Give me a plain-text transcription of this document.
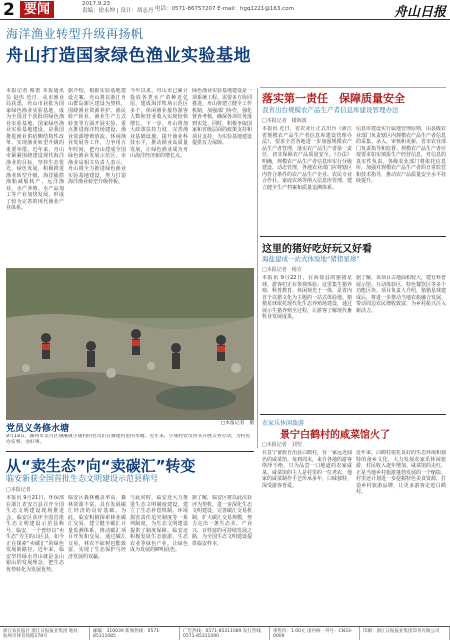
2 要闻	2017.9.23
责编：徐永坤 | 设计：胡志丹 电话：0571-86757207 E-mail：hgq1221@163.com	舟山日报
海洋渔业转型升级再扬帆
舟山打造国家绿色渔业实验基地
本报记者 蔡蕾 本报通讯员 赵伟 近日，从市渔业局获悉，舟山市获批为国家绿色渔业实验基地，成为全国首个获批的绿色渔业实验基地。国家绿色渔业实验基地建设，是我国推进渔业供给侧结构性改革、实现渔业转型升级的重要举措。近年来，舟山市紧紧围绕建设现代海洋渔业的目标，坚持生态优先、绿色发展，积极推进渔业转型升级，海洋捕捞渔船减船转产、远洋渔业、水产养殖、水产品加工等产业加快发展，形成了较为完善的现代渔业产业体系。
据介绍，根据实验基地建设方案，舟山将以浙江舟山群岛新区建设为契机，围绕渔业资源养护、渔民转产转业、渔业生产方式转变等方面开展实验，重点推进海洋牧场建设、渔业资源增殖放流、休闲渔业发展等工作，力争用五年时间，把舟山建成全国绿色渔业发展示范区。市渔业局相关负责人表示，舟山将全力推进绿色渔业实验基地建设，努力打造海洋渔业转型升级样板。
今年以来，舟山市已累计投放各类水产苗种近亿尾，建成海洋牧场示范区多个，休闲渔业接待游客人数和营业收入实现较快增长。下一步，舟山将加大政策扶持力度，完善渔业基础设施，提升渔业科技水平，推动渔业高质量发展，让绿色渔业成为舟山海洋经济新的增长点。
绿色渔业实验基地建设是一项系统工程，需要多方协同推进。舟山将建立健全工作机制，加强部门协作，强化督查考核，确保各项任务落到实处。同时，积极争取国家和省级层面的政策支持和项目支持，为实验基地建设提供有力保障。
落实第一责任　保障质量安全
我省出台规模农产品生产者信息库建设管理办法
□本报记者　楼海波
本报讯 近日，省农业厅正式出台《浙江省规模农产品生产者信息库建设管理办法》，要求全省各地进一步加强规模农产品生产者管理，落实农产品生产者第一责任，切实保障农产品质量安全。《办法》明确，规模农产品生产者信息库实行分级建设、动态管理，各地农业部门应将辖区内符合条件的农产品生产企业、农民专业合作社、家庭农场等纳入信息库管理，建立健全生产档案和质量追溯体系。
信息库建设实行属地管理原则，由县级农业部门负责辖区内规模农产品生产者信息的采集、录入、审核和更新，省市农业部门负责指导和监督。规模农产品生产者应按要求如实填报生产经营信息，对信息的真实性负责。各级农业部门将依托信息库，加强对规模农产品生产者的日常监管和技术指导，推动农产品质量安全水平持续提升。
这里的猪好吃好玩又好看
海盐建成一站式体验地“猪猪星球”
□本报记者　杨宣
本报讯 9月22日，在海盐县的猪猪星球，游客们正在参观体验。这里集生猪养殖、科普教育、休闲观光于一体，是省内首个以猪文化为主题的一站式体验地。猪猪星球依托现代化生态养殖场建设，通过展示生猪养殖全过程，让游客了解现代畜牧业发展成果。
据了解，该项目占地面积较大，建有科普展示馆、互动体验区、特色餐饮区等多个功能区块。项目负责人介绍，猪猪星球建成后，将进一步推动当地农旅融合发展，带动周边农民增收致富，为乡村振兴注入新活力。
农家乐休闲旅游
景宁白鹤村的咸菜馆火了
□本报记者　刘翌
在景宁畲族自治县白鹤村，有一家远近闻名的咸菜馆。每到周末，来自各地的游客络绎不绝，只为品尝一口地道的农家咸菜。咸菜馆的主人是村里的一位老农，他家的咸菜制作手艺传承多年，口味独特，深受游客喜爱。
近年来，白鹤村依托良好的生态环境和独特的畲乡文化，大力发展农家乐休闲旅游，村民收入逐年增加。咸菜馆的走红，正是当地乡村旅游蓬勃发展的一个缩影。村里还计划进一步挖掘特色美食资源，打造乡村旅游品牌，让更多游客走进白鹤村。
党员义务修水塘
9月19日，湖州市吴兴区埭溪镇小康村的党员们在修建村里的水塘。近年来，小康村党员带头开展义务劳动，为村民办实事、办好事。
□本报记者　摄
从“卖生态”向“卖碳汇”转变
临安新获全国首批生态文明建设示范县称号
□本报记者
本报讯 9月21日，环保部在浙江省安吉县召开全国生态文明建设现场推进会，临安区获评全国首批生态文明建设示范县称号。临安，一个曾经以“卖生态”为主的山区县，如今正在探索“卖碳汇”的绿色发展新路径。近年来，临安坚持绿水青山就是金山银山的发展理念，把生态优势转化为发展优势。
临安区森林覆盖率高，森林资源丰富，具有发展碳汇经济的良好基础。为此，临安积极探索林业碳汇交易，建立健全碳汇计量监测体系，推动碳汇项目开发和交易。通过碳汇交易，林农不砍树也能致富，实现了生态保护与经济发展的双赢。
与此同时，临安还大力推进生态文明制度建设，建立了生态补偿机制、环境损害责任追究制度等一系列制度，为生态文明建设提供了制度保障。临安还积极发展生态旅游、生态农业等绿色产业，让绿色成为发展的鲜明底色。
据了解，临安区将以此次获评为契机，进一步深化生态文明建设，完善碳汇交易机制，扩大碳汇交易规模，努力走出一条生态美、产业兴、百姓富的可持续发展之路，为全国生态文明建设提供临安样本。
浙江农民报社 浙江日报报业集团 地址：杭州市体育场路178号
邮编：310039 新闻热线：0571-85311085
广告热线：0571-85311089 发行热线：0571-85311090
零售价：1.00元 国内统一刊号：CN33-0009
印刷：浙江日报报业集团印务有限公司
